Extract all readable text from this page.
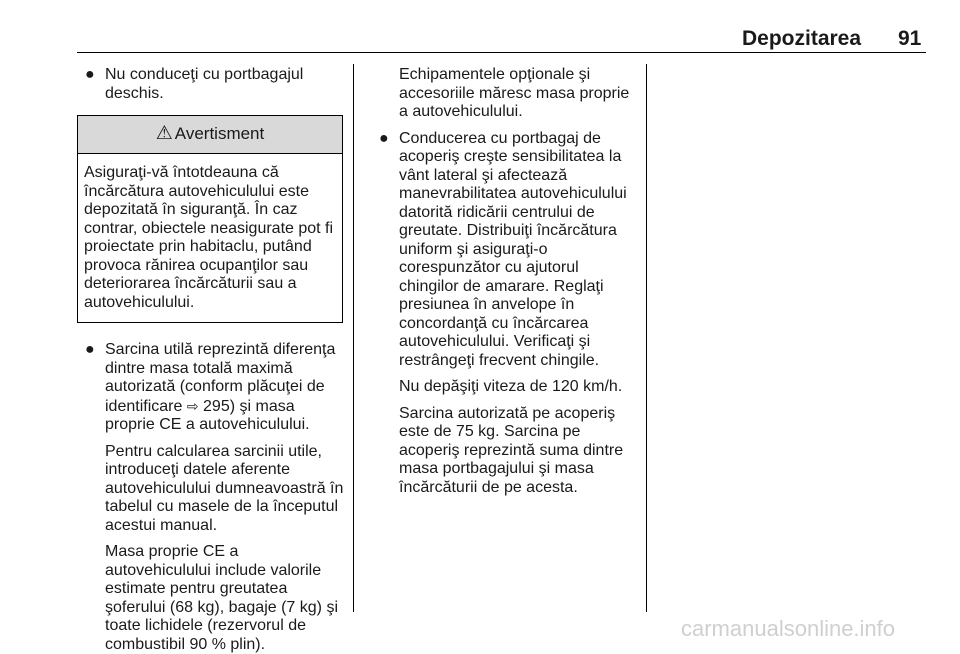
Depozitarea 91
● Nu conduceţi cu portbagajul deschis.
⚠ Avertisment
Asiguraţi-vă întotdeauna că încărcătura autovehiculului este depozitată în siguranţă. În caz contrar, obiectele neasigurate pot fi proiectate prin habitaclu, putând provoca rănirea ocupanţilor sau deteriorarea încărcăturii sau a autovehiculului.
● Sarcina utilă reprezintă diferenţa dintre masa totală maximă autorizată (conform plăcuţei de identificare ⇨ 295) şi masa proprie CE a autovehiculului.
Pentru calcularea sarcinii utile, introduceţi datele aferente autovehiculului dumneavoastră în tabelul cu masele de la începutul acestui manual.
Masa proprie CE a autovehiculului include valorile estimate pentru greutatea şoferului (68 kg), bagaje (7 kg) şi toate lichidele (rezervorul de combustibil 90 % plin).
Echipamentele opţionale şi accesoriile măresc masa proprie a autovehiculului.
● Conducerea cu portbagaj de acoperiş creşte sensibilitatea la vânt lateral şi afectează manevrabilitatea autovehiculului datorită ridicării centrului de greutate. Distribuiţi încărcătura uniform şi asiguraţi-o corespunzător cu ajutorul chingilor de amarare. Reglaţi presiunea în anvelope în concordanţă cu încărcarea autovehiculului. Verificaţi şi restrângeţi frecvent chingile.
Nu depăşiţi viteza de 120 km/h.
Sarcina autorizată pe acoperiş este de 75 kg. Sarcina pe acoperiş reprezintă suma dintre masa portbagajului şi masa încărcăturii de pe acesta.
carmanualsonline.info
